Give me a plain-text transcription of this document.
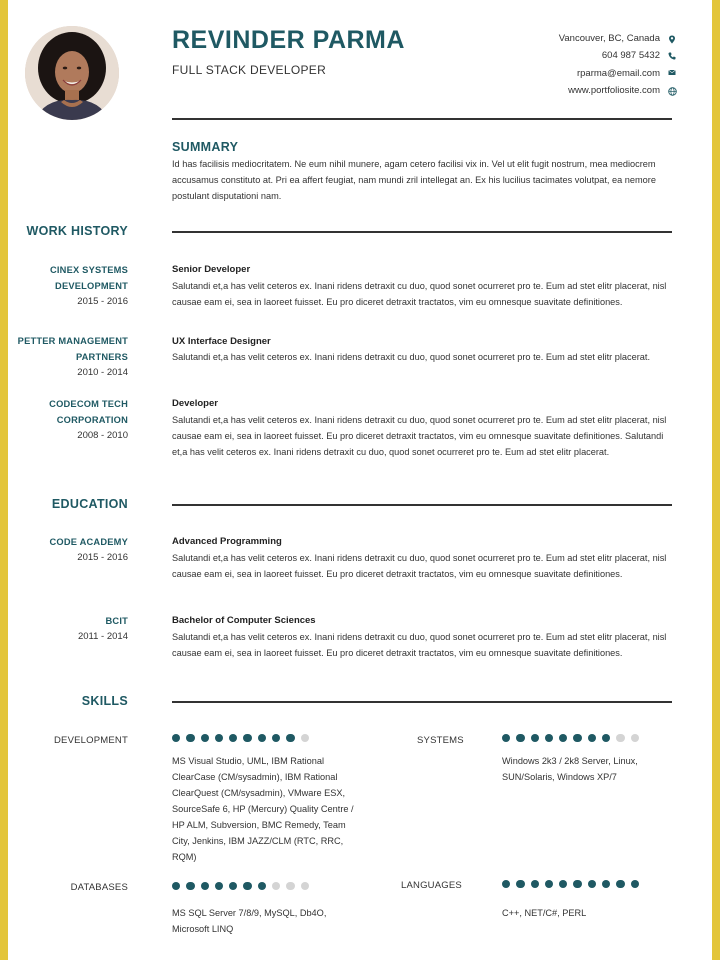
REVINDER PARMA
FULL STACK DEVELOPER
Vancouver, BC, Canada
604 987 5432
rparma@email.com
www.portfoliosite.com
SUMMARY
Id has facilisis mediocritatem. Ne eum nihil munere, agam cetero facilisi vix in. Vel ut elit fugit nostrum, mea mediocrem accusamus constituto at. Pri ea affert feugiat, nam mundi zril intellegat an. Ex his lucilius tacimates volutpat, ea nemore postulant disputationi nam.
WORK HISTORY
CINEX SYSTEMS
DEVELOPMENT
2015 - 2016
Senior Developer
Salutandi et,a has velit ceteros ex. Inani ridens detraxit cu duo, quod sonet ocurreret pro te. Eum ad stet elitr placerat, nisl causae eam ei, sea in laoreet fuisset. Eu pro diceret detraxit tractatos, vim eu omnesque suavitate definitiones.
PETTER MANAGEMENT
PARTNERS
2010 - 2014
UX Interface Designer
Salutandi et,a has velit ceteros ex. Inani ridens detraxit cu duo, quod sonet ocurreret pro te. Eum ad stet elitr placerat.
CODECOM TECH
CORPORATION
2008 - 2010
Developer
Salutandi et,a has velit ceteros ex. Inani ridens detraxit cu duo, quod sonet ocurreret pro te. Eum ad stet elitr placerat, nisl causae eam ei, sea in laoreet fuisset. Eu pro diceret detraxit tractatos, vim eu omnesque suavitate definitiones. Salutandi et,a has velit ceteros ex. Inani ridens detraxit cu duo, quod sonet ocurreret pro te. Eum ad stet elitr placerat.
EDUCATION
CODE ACADEMY
2015 - 2016
Advanced Programming
Salutandi et,a has velit ceteros ex. Inani ridens detraxit cu duo, quod sonet ocurreret pro te. Eum ad stet elitr placerat, nisl causae eam ei, sea in laoreet fuisset. Eu pro diceret detraxit tractatos, vim eu omnesque suavitate definitiones.
BCIT
2011 - 2014
Bachelor of Computer Sciences
Salutandi et,a has velit ceteros ex. Inani ridens detraxit cu duo, quod sonet ocurreret pro te. Eum ad stet elitr placerat, nisl causae eam ei, sea in laoreet fuisset. Eu pro diceret detraxit tractatos, vim eu omnesque suavitate definitiones.
SKILLS
DEVELOPMENT
MS Visual Studio, UML, IBM Rational ClearCase (CM/sysadmin), IBM Rational ClearQuest (CM/sysadmin), VMware ESX, SourceSafe 6, HP (Mercury) Quality Centre / HP ALM, Subversion, BMC Remedy, Team City, Jenkins, IBM JAZZ/CLM (RTC, RRC, RQM)
SYSTEMS
Windows 2k3 / 2k8 Server, Linux, SUN/Solaris, Windows XP/7
DATABASES
MS SQL Server 7/8/9, MySQL, Db4O, Microsoft LINQ
LANGUAGES
C++, NET/C#, PERL
